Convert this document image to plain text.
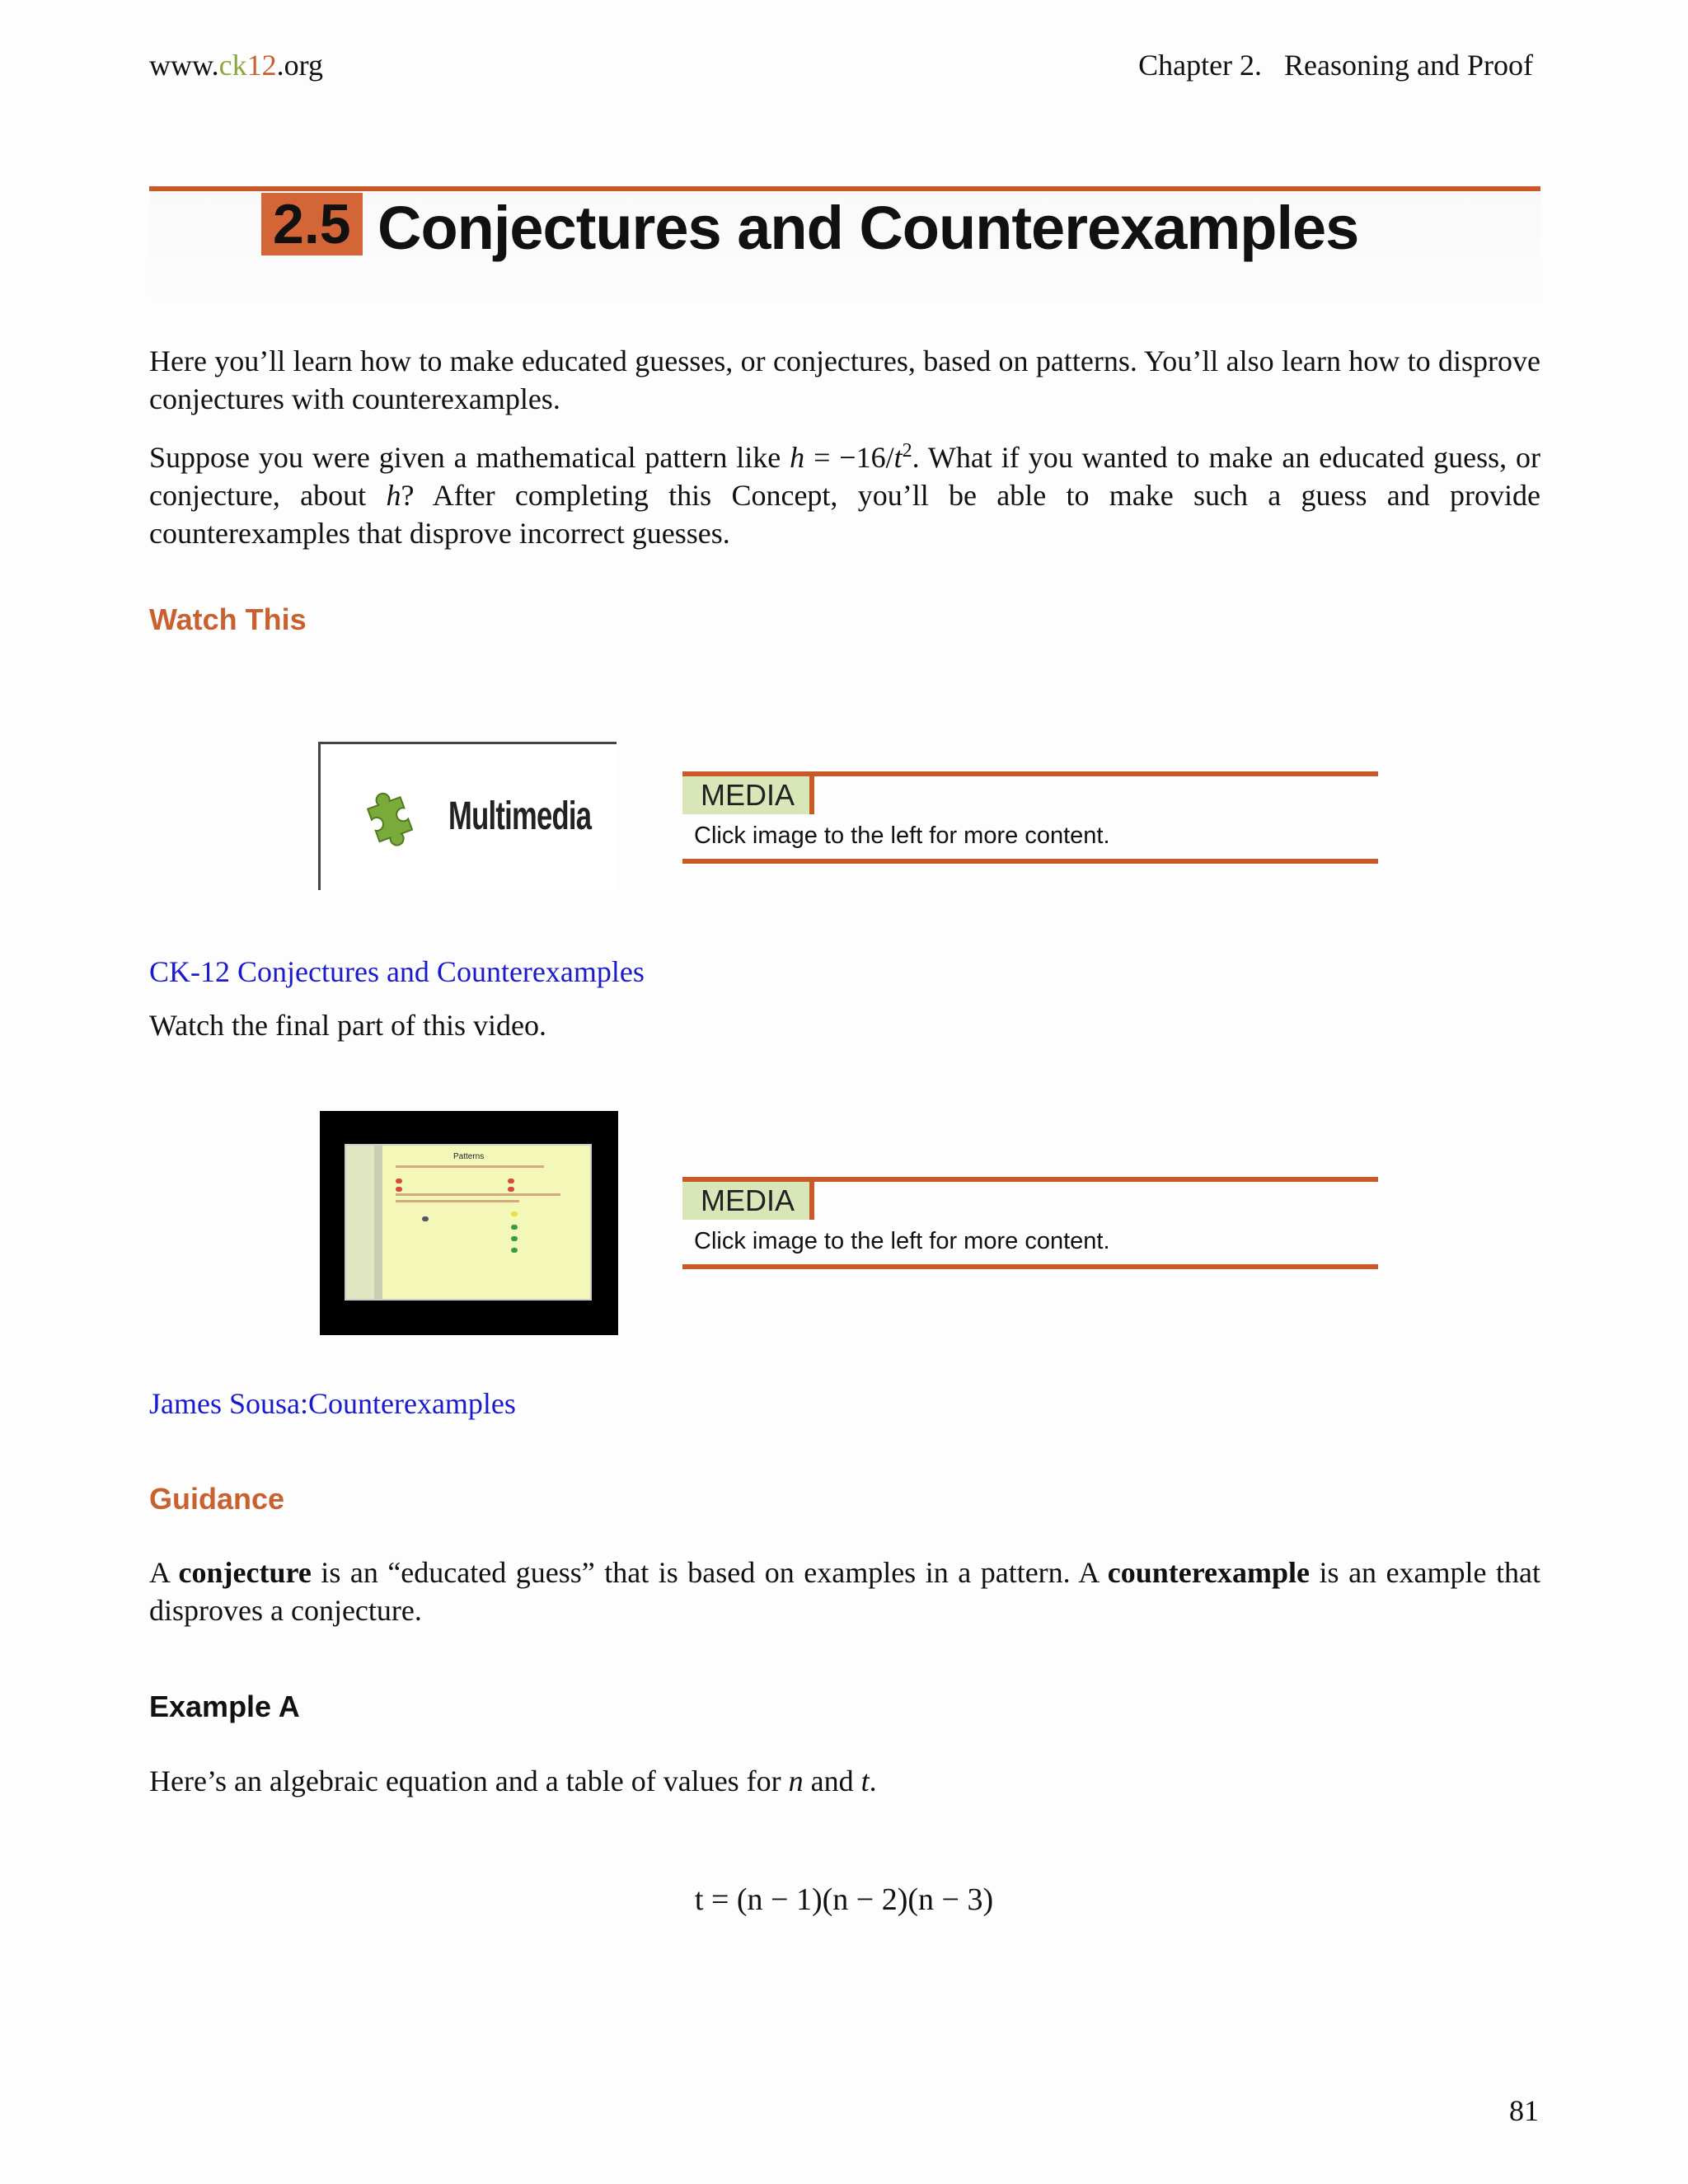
www.ck12.org	Chapter 2.   Reasoning and Proof
2.5 Conjectures and Counterexamples
Here you’ll learn how to make educated guesses, or conjectures, based on patterns. You’ll also learn how to disprove conjectures with counterexamples.
Suppose you were given a mathematical pattern like $h = -16/t^2$. What if you wanted to make an educated guess, or conjecture, about h? After completing this Concept, you’ll be able to make such a guess and provide counterexamples that disprove incorrect guesses.
Watch This
Multimedia	MEDIA
Click image to the left for more content.
CK-12 Conjectures and Counterexamples
Watch the final part of this video.
Patterns
MEDIA
Click image to the left for more content.
James Sousa:Counterexamples
Guidance
A conjecture is an “educated guess” that is based on examples in a pattern. A counterexample is an example that disproves a conjecture.
Example A
Here’s an algebraic equation and a table of values for n and t.
t = (n − 1)(n − 2)(n − 3)
81
